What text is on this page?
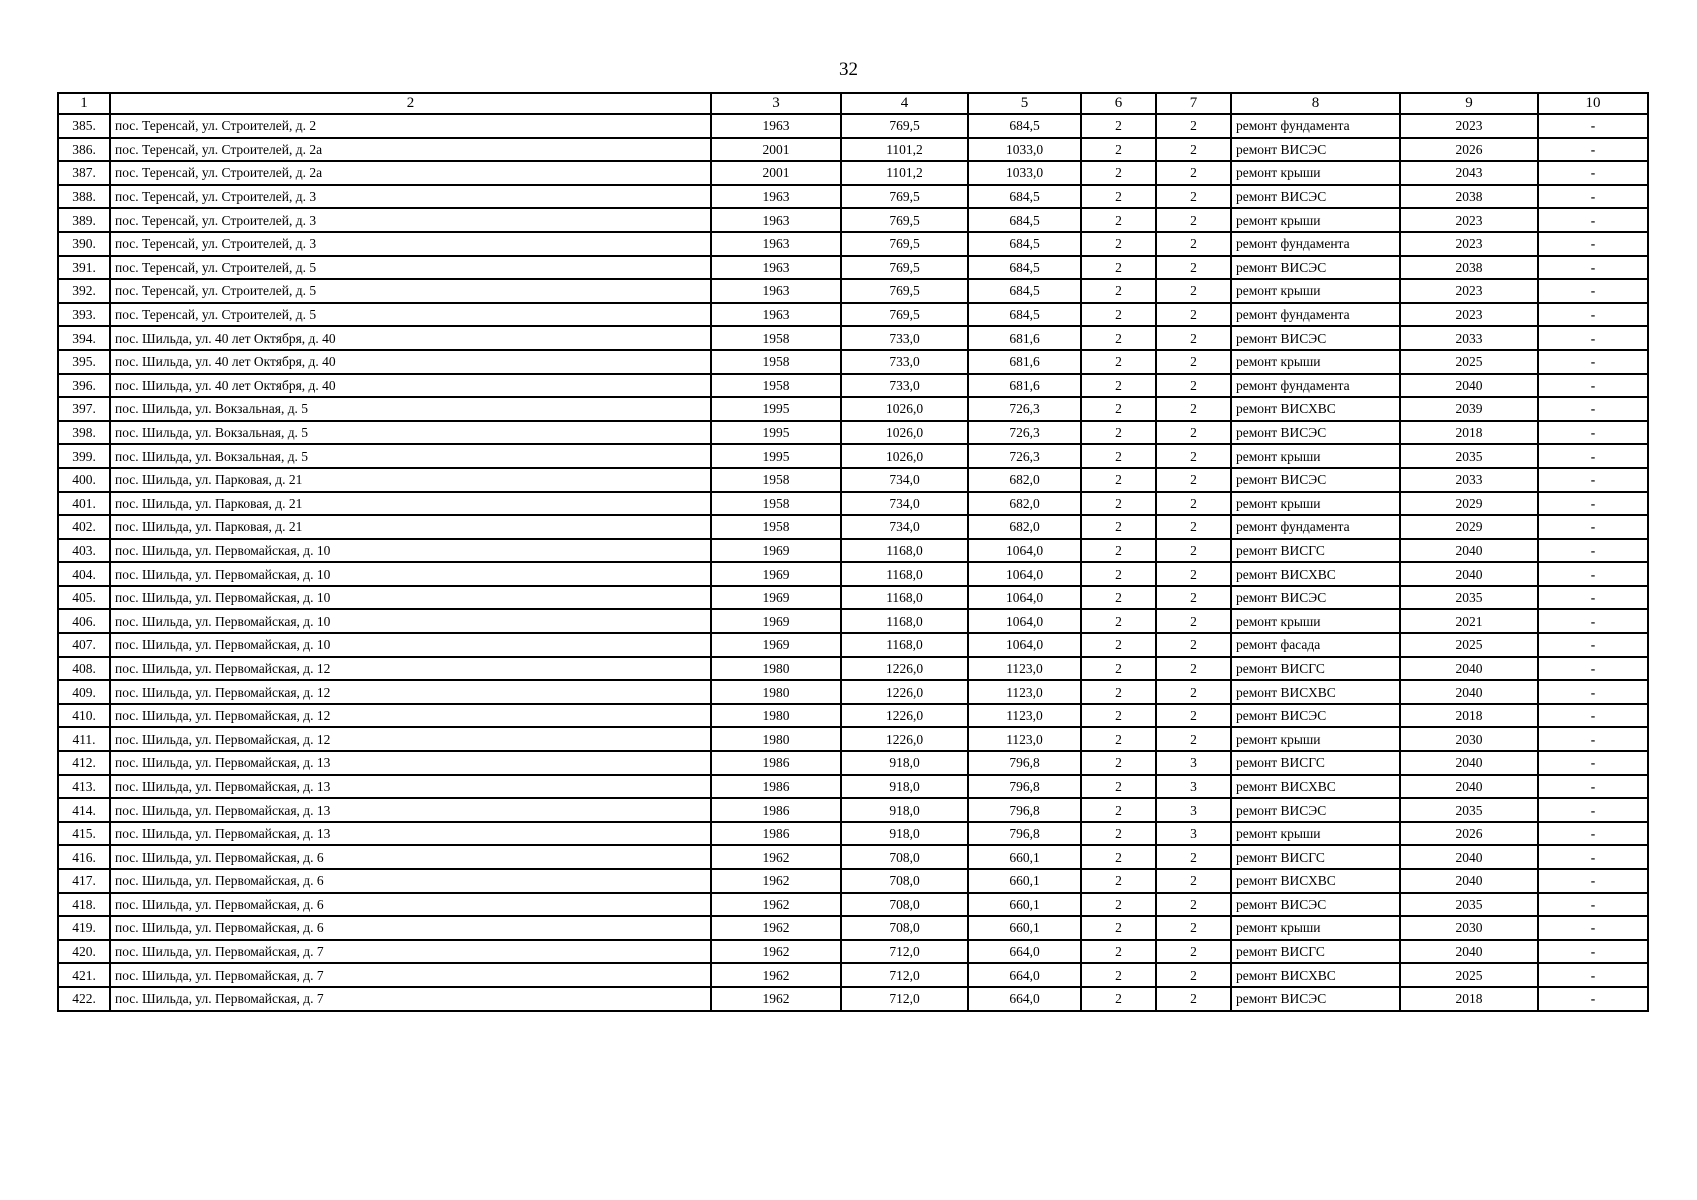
32
1	2	3	4	5	6	7	8	9	10
385.	пос. Теренсай, ул. Строителей, д. 2	1963	769,5	684,5	2	2	ремонт фундамента	2023	-
386.	пос. Теренсай, ул. Строителей, д. 2а	2001	1101,2	1033,0	2	2	ремонт ВИСЭС	2026	-
387.	пос. Теренсай, ул. Строителей, д. 2а	2001	1101,2	1033,0	2	2	ремонт крыши	2043	-
388.	пос. Теренсай, ул. Строителей, д. 3	1963	769,5	684,5	2	2	ремонт ВИСЭС	2038	-
389.	пос. Теренсай, ул. Строителей, д. 3	1963	769,5	684,5	2	2	ремонт крыши	2023	-
390.	пос. Теренсай, ул. Строителей, д. 3	1963	769,5	684,5	2	2	ремонт фундамента	2023	-
391.	пос. Теренсай, ул. Строителей, д. 5	1963	769,5	684,5	2	2	ремонт ВИСЭС	2038	-
392.	пос. Теренсай, ул. Строителей, д. 5	1963	769,5	684,5	2	2	ремонт крыши	2023	-
393.	пос. Теренсай, ул. Строителей, д. 5	1963	769,5	684,5	2	2	ремонт фундамента	2023	-
394.	пос. Шильда, ул. 40 лет Октября, д. 40	1958	733,0	681,6	2	2	ремонт ВИСЭС	2033	-
395.	пос. Шильда, ул. 40 лет Октября, д. 40	1958	733,0	681,6	2	2	ремонт крыши	2025	-
396.	пос. Шильда, ул. 40 лет Октября, д. 40	1958	733,0	681,6	2	2	ремонт фундамента	2040	-
397.	пос. Шильда, ул. Вокзальная, д. 5	1995	1026,0	726,3	2	2	ремонт ВИСХВС	2039	-
398.	пос. Шильда, ул. Вокзальная, д. 5	1995	1026,0	726,3	2	2	ремонт ВИСЭС	2018	-
399.	пос. Шильда, ул. Вокзальная, д. 5	1995	1026,0	726,3	2	2	ремонт крыши	2035	-
400.	пос. Шильда, ул. Парковая, д. 21	1958	734,0	682,0	2	2	ремонт ВИСЭС	2033	-
401.	пос. Шильда, ул. Парковая, д. 21	1958	734,0	682,0	2	2	ремонт крыши	2029	-
402.	пос. Шильда, ул. Парковая, д. 21	1958	734,0	682,0	2	2	ремонт фундамента	2029	-
403.	пос. Шильда, ул. Первомайская, д. 10	1969	1168,0	1064,0	2	2	ремонт ВИСГС	2040	-
404.	пос. Шильда, ул. Первомайская, д. 10	1969	1168,0	1064,0	2	2	ремонт ВИСХВС	2040	-
405.	пос. Шильда, ул. Первомайская, д. 10	1969	1168,0	1064,0	2	2	ремонт ВИСЭС	2035	-
406.	пос. Шильда, ул. Первомайская, д. 10	1969	1168,0	1064,0	2	2	ремонт крыши	2021	-
407.	пос. Шильда, ул. Первомайская, д. 10	1969	1168,0	1064,0	2	2	ремонт фасада	2025	-
408.	пос. Шильда, ул. Первомайская, д. 12	1980	1226,0	1123,0	2	2	ремонт ВИСГС	2040	-
409.	пос. Шильда, ул. Первомайская, д. 12	1980	1226,0	1123,0	2	2	ремонт ВИСХВС	2040	-
410.	пос. Шильда, ул. Первомайская, д. 12	1980	1226,0	1123,0	2	2	ремонт ВИСЭС	2018	-
411.	пос. Шильда, ул. Первомайская, д. 12	1980	1226,0	1123,0	2	2	ремонт крыши	2030	-
412.	пос. Шильда, ул. Первомайская, д. 13	1986	918,0	796,8	2	3	ремонт ВИСГС	2040	-
413.	пос. Шильда, ул. Первомайская, д. 13	1986	918,0	796,8	2	3	ремонт ВИСХВС	2040	-
414.	пос. Шильда, ул. Первомайская, д. 13	1986	918,0	796,8	2	3	ремонт ВИСЭС	2035	-
415.	пос. Шильда, ул. Первомайская, д. 13	1986	918,0	796,8	2	3	ремонт крыши	2026	-
416.	пос. Шильда, ул. Первомайская, д. 6	1962	708,0	660,1	2	2	ремонт ВИСГС	2040	-
417.	пос. Шильда, ул. Первомайская, д. 6	1962	708,0	660,1	2	2	ремонт ВИСХВС	2040	-
418.	пос. Шильда, ул. Первомайская, д. 6	1962	708,0	660,1	2	2	ремонт ВИСЭС	2035	-
419.	пос. Шильда, ул. Первомайская, д. 6	1962	708,0	660,1	2	2	ремонт крыши	2030	-
420.	пос. Шильда, ул. Первомайская, д. 7	1962	712,0	664,0	2	2	ремонт ВИСГС	2040	-
421.	пос. Шильда, ул. Первомайская, д. 7	1962	712,0	664,0	2	2	ремонт ВИСХВС	2025	-
422.	пос. Шильда, ул. Первомайская, д. 7	1962	712,0	664,0	2	2	ремонт ВИСЭС	2018	-
